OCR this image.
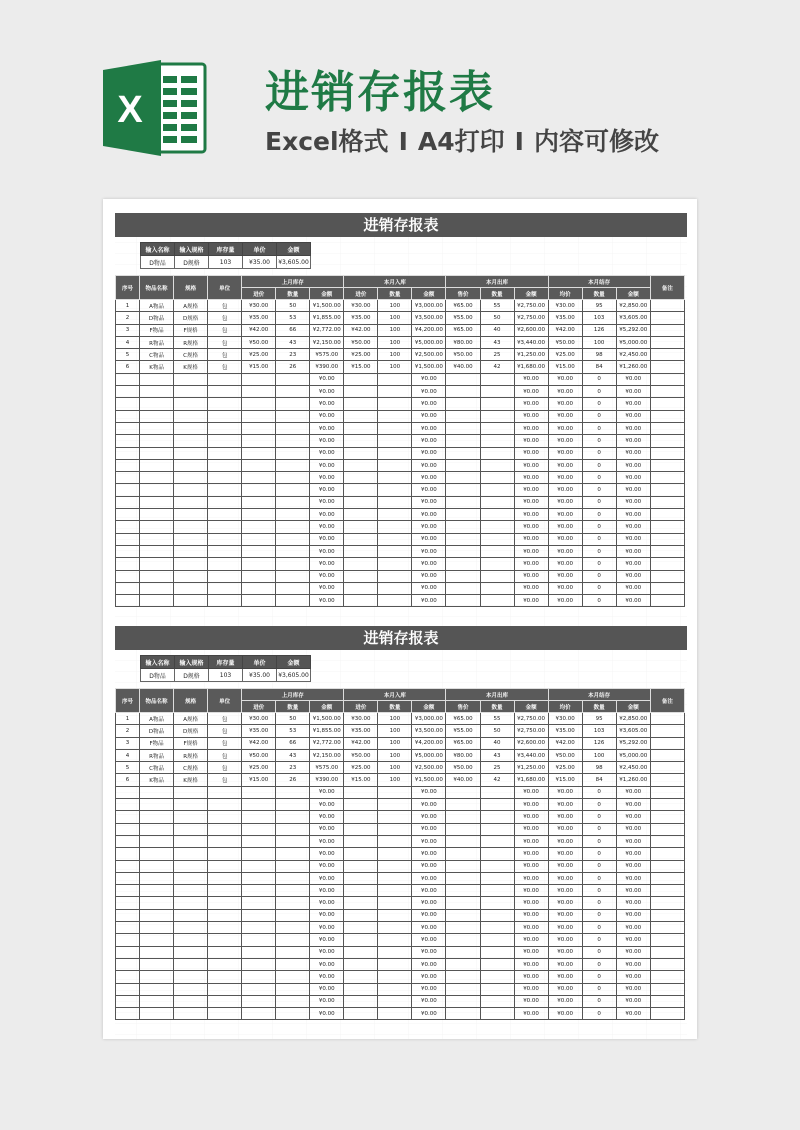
X	进销存报表
Excel格式 I A4打印 I 内容可修改
进销存报表
输入名称	输入规格	库存量	单价	金额
D物品	D规格	103	¥35.00	¥3,605.00
序号	物品名称	规格	单位	上月库存			本月入库			本月出库			本月结存			备注
				进价	数量	金额	进价	数量	金额	售价	数量	金额	均价	数量	金额	
1	A物品	A规格	包	¥30.00	50	¥1,500.00	¥30.00	100	¥3,000.00	¥65.00	55	¥2,750.00	¥30.00	95	¥2,850.00	
2	D物品	D规格	包	¥35.00	53	¥1,855.00	¥35.00	100	¥3,500.00	¥55.00	50	¥2,750.00	¥35.00	103	¥3,605.00	
3	F物品	F规格	包	¥42.00	66	¥2,772.00	¥42.00	100	¥4,200.00	¥65.00	40	¥2,600.00	¥42.00	126	¥5,292.00	
4	R物品	R规格	包	¥50.00	43	¥2,150.00	¥50.00	100	¥5,000.00	¥80.00	43	¥3,440.00	¥50.00	100	¥5,000.00	
5	C物品	C规格	包	¥25.00	23	¥575.00	¥25.00	100	¥2,500.00	¥50.00	25	¥1,250.00	¥25.00	98	¥2,450.00	
6	K物品	K规格	包	¥15.00	26	¥390.00	¥15.00	100	¥1,500.00	¥40.00	42	¥1,680.00	¥15.00	84	¥1,260.00	
						¥0.00			¥0.00			¥0.00	¥0.00	0	¥0.00	
						¥0.00			¥0.00			¥0.00	¥0.00	0	¥0.00	
						¥0.00			¥0.00			¥0.00	¥0.00	0	¥0.00	
						¥0.00			¥0.00			¥0.00	¥0.00	0	¥0.00	
						¥0.00			¥0.00			¥0.00	¥0.00	0	¥0.00	
						¥0.00			¥0.00			¥0.00	¥0.00	0	¥0.00	
						¥0.00			¥0.00			¥0.00	¥0.00	0	¥0.00	
						¥0.00			¥0.00			¥0.00	¥0.00	0	¥0.00	
						¥0.00			¥0.00			¥0.00	¥0.00	0	¥0.00	
						¥0.00			¥0.00			¥0.00	¥0.00	0	¥0.00	
						¥0.00			¥0.00			¥0.00	¥0.00	0	¥0.00	
						¥0.00			¥0.00			¥0.00	¥0.00	0	¥0.00	
						¥0.00			¥0.00			¥0.00	¥0.00	0	¥0.00	
						¥0.00			¥0.00			¥0.00	¥0.00	0	¥0.00	
						¥0.00			¥0.00			¥0.00	¥0.00	0	¥0.00	
						¥0.00			¥0.00			¥0.00	¥0.00	0	¥0.00	
						¥0.00			¥0.00			¥0.00	¥0.00	0	¥0.00	
						¥0.00			¥0.00			¥0.00	¥0.00	0	¥0.00	
						¥0.00			¥0.00			¥0.00	¥0.00	0	¥0.00	
进销存报表
输入名称	输入规格	库存量	单价	金额
D物品	D规格	103	¥35.00	¥3,605.00
序号	物品名称	规格	单位	上月库存			本月入库			本月出库			本月结存			备注
				进价	数量	金额	进价	数量	金额	售价	数量	金额	均价	数量	金额	
1	A物品	A规格	包	¥30.00	50	¥1,500.00	¥30.00	100	¥3,000.00	¥65.00	55	¥2,750.00	¥30.00	95	¥2,850.00	
2	D物品	D规格	包	¥35.00	53	¥1,855.00	¥35.00	100	¥3,500.00	¥55.00	50	¥2,750.00	¥35.00	103	¥3,605.00	
3	F物品	F规格	包	¥42.00	66	¥2,772.00	¥42.00	100	¥4,200.00	¥65.00	40	¥2,600.00	¥42.00	126	¥5,292.00	
4	R物品	R规格	包	¥50.00	43	¥2,150.00	¥50.00	100	¥5,000.00	¥80.00	43	¥3,440.00	¥50.00	100	¥5,000.00	
5	C物品	C规格	包	¥25.00	23	¥575.00	¥25.00	100	¥2,500.00	¥50.00	25	¥1,250.00	¥25.00	98	¥2,450.00	
6	K物品	K规格	包	¥15.00	26	¥390.00	¥15.00	100	¥1,500.00	¥40.00	42	¥1,680.00	¥15.00	84	¥1,260.00	
						¥0.00			¥0.00			¥0.00	¥0.00	0	¥0.00	
						¥0.00			¥0.00			¥0.00	¥0.00	0	¥0.00	
						¥0.00			¥0.00			¥0.00	¥0.00	0	¥0.00	
						¥0.00			¥0.00			¥0.00	¥0.00	0	¥0.00	
						¥0.00			¥0.00			¥0.00	¥0.00	0	¥0.00	
						¥0.00			¥0.00			¥0.00	¥0.00	0	¥0.00	
						¥0.00			¥0.00			¥0.00	¥0.00	0	¥0.00	
						¥0.00			¥0.00			¥0.00	¥0.00	0	¥0.00	
						¥0.00			¥0.00			¥0.00	¥0.00	0	¥0.00	
						¥0.00			¥0.00			¥0.00	¥0.00	0	¥0.00	
						¥0.00			¥0.00			¥0.00	¥0.00	0	¥0.00	
						¥0.00			¥0.00			¥0.00	¥0.00	0	¥0.00	
						¥0.00			¥0.00			¥0.00	¥0.00	0	¥0.00	
						¥0.00			¥0.00			¥0.00	¥0.00	0	¥0.00	
						¥0.00			¥0.00			¥0.00	¥0.00	0	¥0.00	
						¥0.00			¥0.00			¥0.00	¥0.00	0	¥0.00	
						¥0.00			¥0.00			¥0.00	¥0.00	0	¥0.00	
						¥0.00			¥0.00			¥0.00	¥0.00	0	¥0.00	
						¥0.00			¥0.00			¥0.00	¥0.00	0	¥0.00	
